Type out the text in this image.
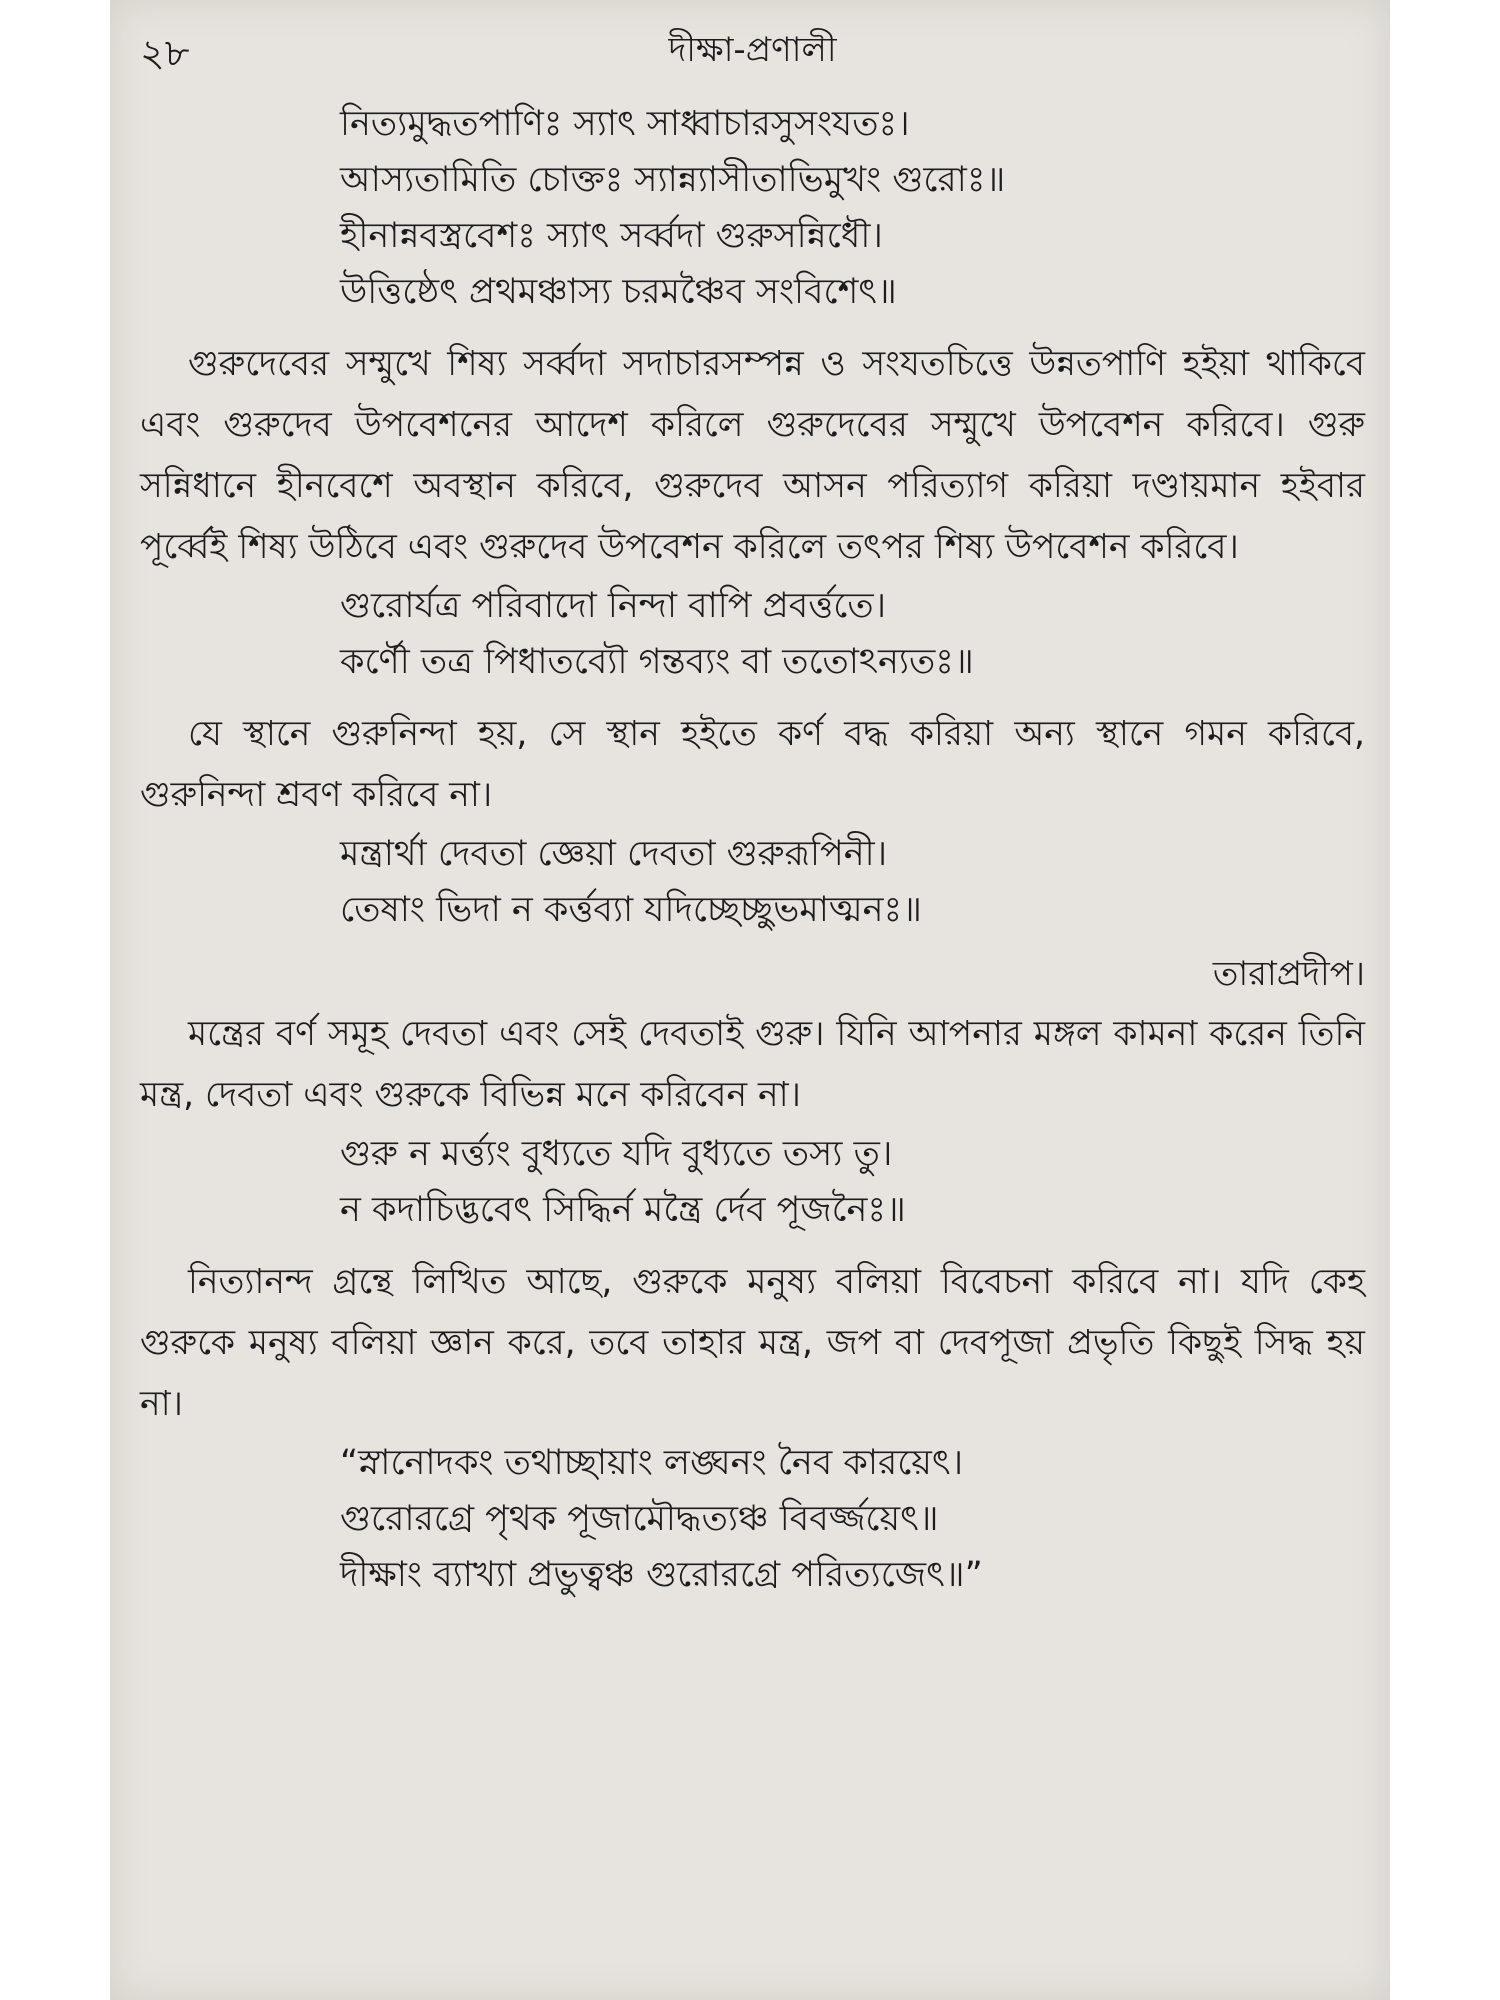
২৮	দীক্ষা-প্রণালী
নিত্যমুদ্ধতপাণিঃ স্যাৎ সাধ্বাচারসুসংযতঃ।
আস্যতামিতি চোক্তঃ স্যান্ন্যাসীতাভিমুখং গুরোঃ॥
হীনান্নবস্ত্রবেশঃ স্যাৎ সর্ব্বদা গুরুসন্নিধৌ।
উত্তিষ্ঠেৎ প্রথমঞ্চাস্য চরমঞ্চৈব সংবিশেৎ॥

গুরুদেবের সম্মুখে শিষ্য সর্ব্বদা সদাচারসম্পন্ন ও সংযতচিত্তে উন্নতপাণি হইয়া থাকিবে এবং গুরুদেব উপবেশনের আদেশ করিলে গুরুদেবের সম্মুখে উপবেশন করিবে। গুরু সন্নিধানে হীনবেশে অবস্থান করিবে, গুরুদেব আসন পরিত্যাগ করিয়া দণ্ডায়মান হইবার পূর্ব্বেই শিষ্য উঠিবে এবং গুরুদেব উপবেশন করিলে তৎপর শিষ্য উপবেশন করিবে।

গুরোর্যত্র পরিবাদো নিন্দা বাপি প্রবর্ত্ততে।
কর্ণৌ তত্র পিধাতব্যৌ গন্তব্যং বা ততোঽন্যতঃ॥

যে স্থানে গুরুনিন্দা হয়, সে স্থান হইতে কর্ণ বদ্ধ করিয়া অন্য স্থানে গমন করিবে, গুরুনিন্দা শ্রবণ করিবে না।

মন্ত্রার্থা দেবতা জ্ঞেয়া দেবতা গুরুরূপিনী।
তেষাং ভিদা ন কর্ত্তব্যা যদিচ্ছেচ্ছুভমাত্মনঃ॥
তারাপ্রদীপ।

মন্ত্রের বর্ণ সমূহ দেবতা এবং সেই দেবতাই গুরু। যিনি আপনার মঙ্গল কামনা করেন তিনি মন্ত্র, দেবতা এবং গুরুকে বিভিন্ন মনে করিবেন না।

গুরু ন মর্ত্ত্যং বুধ্যতে যদি বুধ্যতে তস্য তু।
ন কদাচিদ্ভবেৎ সিদ্ধির্ন মন্ত্রৈ র্দেব পূজনৈঃ॥

নিত্যানন্দ গ্রন্থে লিখিত আছে, গুরুকে মনুষ্য বলিয়া বিবেচনা করিবে না। যদি কেহ গুরুকে মনুষ্য বলিয়া জ্ঞান করে, তবে তাহার মন্ত্র, জপ বা দেবপূজা প্রভৃতি কিছুই সিদ্ধ হয় না।

“স্নানোদকং তথাচ্ছায়াং লঙ্ঘনং নৈব কারয়েৎ।
গুরোরগ্রে পৃথক পূজামৌদ্ধত্যঞ্চ বিবর্জ্জয়েৎ॥
দীক্ষাং ব্যাখ্যা প্রভুত্বঞ্চ গুরোরগ্রে পরিত্যজেৎ॥”
